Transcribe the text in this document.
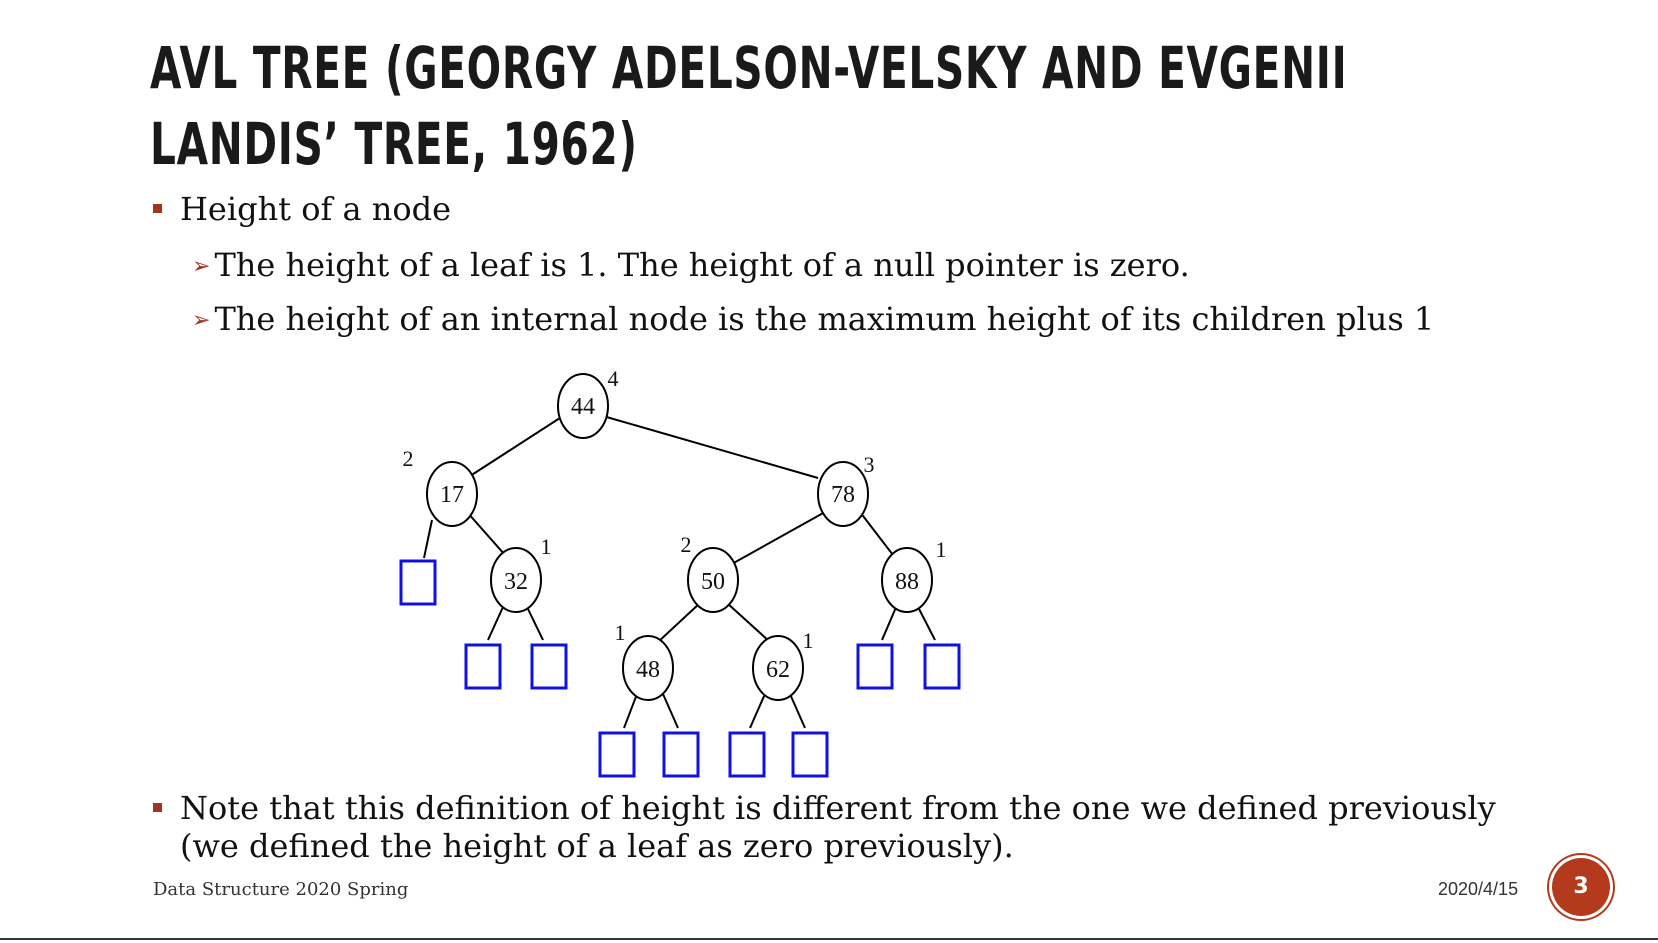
AVL TREE (GEORGY ADELSON-VELSKY AND EVGENII
LANDIS’ TREE, 1962)
Height of a node
➢ The height of a leaf is 1. The height of a null pointer is zero.
➢ The height of an internal node is the maximum height of its children plus 1
44
4
17
2
78
3
32
1
50
2
88
1
48
1
62
1
Note that this definition of height is different from the one we defined previously
(we defined the height of a leaf as zero previously).
Data Structure 2020 Spring	2020/4/15	3
